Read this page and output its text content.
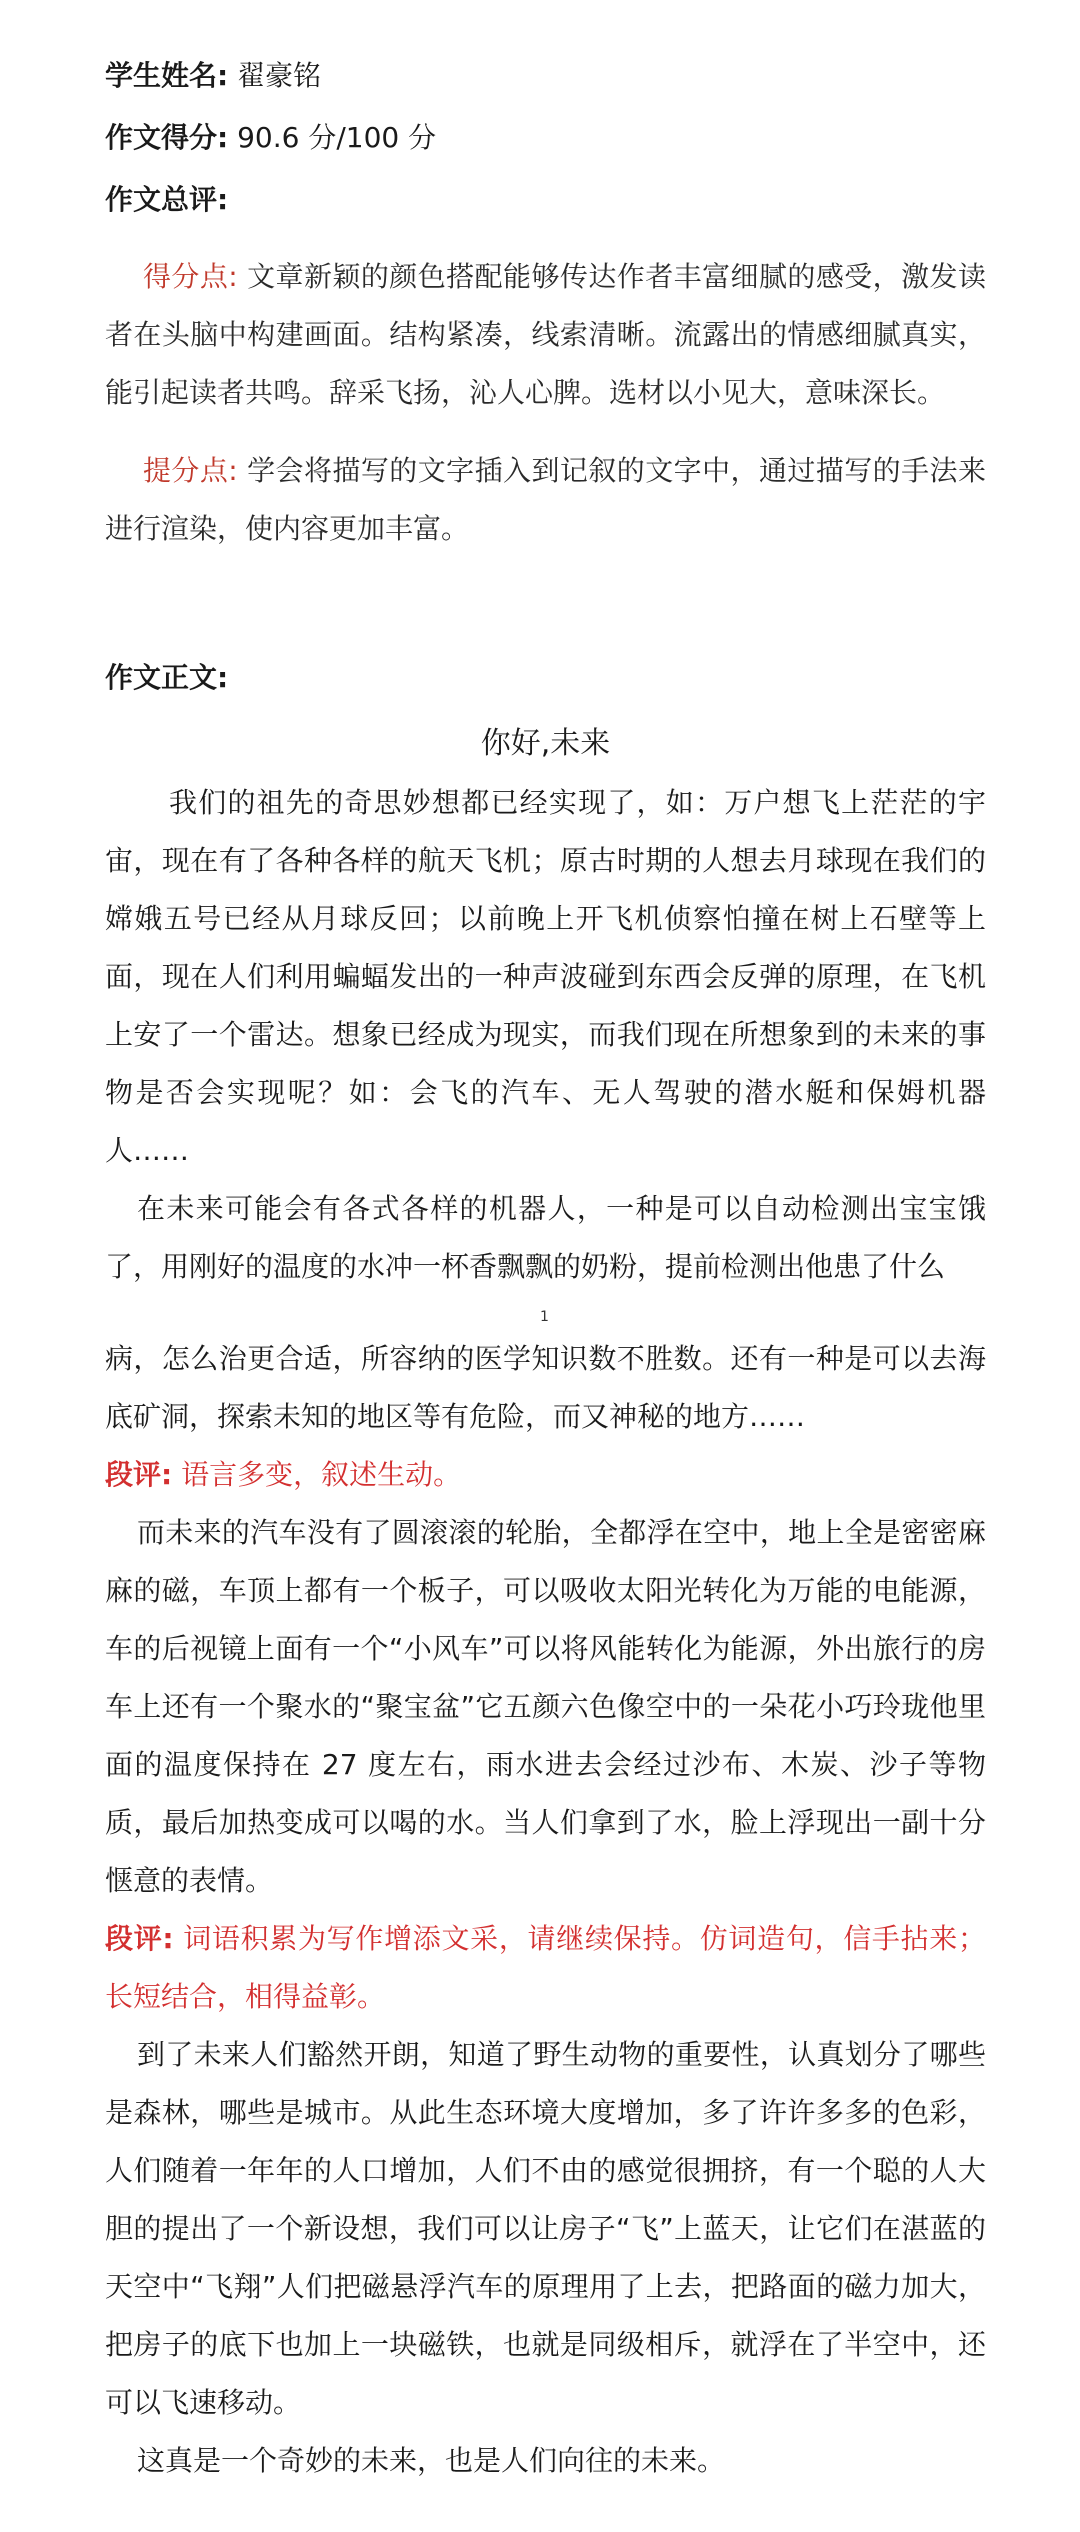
学生姓名: 翟豪铭
作文得分: 90.6 分/100 分
作文总评:
得分点: 文章新颖的颜色搭配能够传达作者丰富细腻的感受，激发读者在头脑中构建画面。结构紧凑，线索清晰。流露出的情感细腻真实，能引起读者共鸣。辞采飞扬，沁人心脾。选材以小见大，意味深长。
提分点: 学会将描写的文字插入到记叙的文字中，通过描写的手法来进行渲染，使内容更加丰富。
作文正文:
你好,未来

我们的祖先的奇思妙想都已经实现了，如：万户想飞上茫茫的宇宙，现在有了各种各样的航天飞机；原古时期的人想去月球现在我们的嫦娥五号已经从月球反回；以前晚上开飞机侦察怕撞在树上石壁等上面，现在人们利用蝙蝠发出的一种声波碰到东西会反弹的原理，在飞机上安了一个雷达。想象已经成为现实，而我们现在所想象到的未来的事物是否会实现呢？如：会飞的汽车、无人驾驶的潜水艇和保姆机器人……

在未来可能会有各式各样的机器人，一种是可以自动检测出宝宝饿了，用刚好的温度的水冲一杯香飘飘的奶粉，提前检测出他患了什么

1

病，怎么治更合适，所容纳的医学知识数不胜数。还有一种是可以去海底矿洞，探索未知的地区等有危险，而又神秘的地方……

段评: 语言多变，叙述生动。

而未来的汽车没有了圆滚滚的轮胎，全都浮在空中，地上全是密密麻麻的磁，车顶上都有一个板子，可以吸收太阳光转化为万能的电能源，车的后视镜上面有一个“小风车”可以将风能转化为能源，外出旅行的房车上还有一个聚水的“聚宝盆”它五颜六色像空中的一朵花小巧玲珑他里面的温度保持在 27 度左右，雨水进去会经过沙布、木炭、沙子等物质，最后加热变成可以喝的水。当人们拿到了水，脸上浮现出一副十分惬意的表情。

段评: 词语积累为写作增添文采，请继续保持。仿词造句，信手拈来；长短结合，相得益彰。

到了未来人们豁然开朗，知道了野生动物的重要性，认真划分了哪些是森林，哪些是城市。从此生态环境大度增加，多了许许多多的色彩，人们随着一年年的人口增加，人们不由的感觉很拥挤，有一个聪的人大胆的提出了一个新设想，我们可以让房子“飞”上蓝天，让它们在湛蓝的天空中“飞翔”人们把磁悬浮汽车的原理用了上去，把路面的磁力加大，把房子的底下也加上一块磁铁，也就是同级相斥，就浮在了半空中，还可以飞速移动。

这真是一个奇妙的未来，也是人们向往的未来。
